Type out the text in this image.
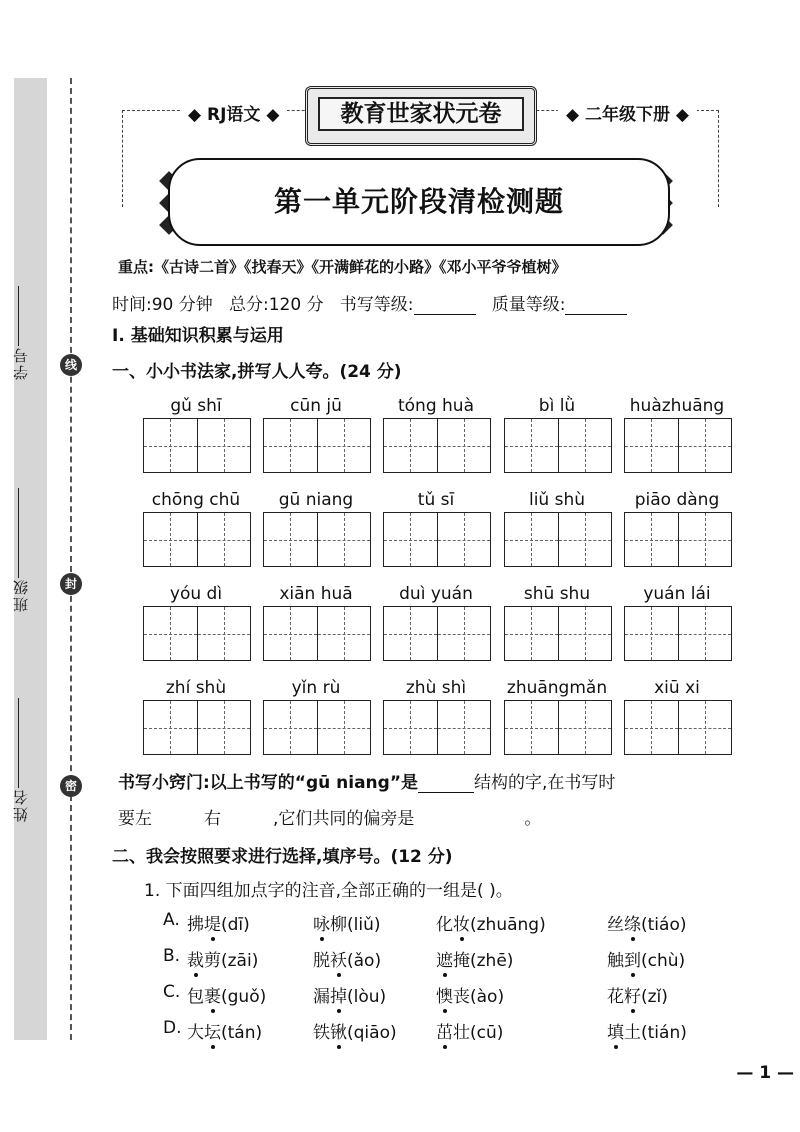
学号
班级
姓名
线
封
密
◆ RJ语文 ◆	◆ 二年级下册 ◆
教育世家状元卷
第一单元阶段清检测题
重点:《古诗二首》《找春天》《开满鲜花的小路》《邓小平爷爷植树》
时间:90 分钟 总分:120 分 书写等级:	质量等级:
Ⅰ. 基础知识积累与运用
一、小小书法家,拼写人人夸。(24 分)
gǔ shī	cūn jū	tóng huà	bì lǜ	huàzhuāng
chōng chū	gū niang	tǔ sī	liǔ shù	piāo dàng
yóu dì	xiān huā	duì yuán	shū shu	yuán lái
zhí shù	yǐn rù	zhù shì	zhuāngmǎn	xiū xi
书写小窍门:以上书写的“gū niang”是	结构的字,在书写时
要左	右	,它们共同的偏旁是	。
二、我会按照要求进行选择,填序号。(12 分)
1. 下面四组加点字的注音,全部正确的一组是( )。
A. 拂堤(dī)	咏柳(liǔ)	化妆(zhuāng)	丝绦(tiáo)
B. 裁剪(zāi)	脱袄(ǎo)	遮掩(zhē)	触到(chù)
C. 包裹(guǒ)	漏掉(lòu)	懊丧(ào)	花籽(zǐ)
D. 大坛(tán)	铁锹(qiāo) 茁壮(cū)	填土(tián)
— 1 —
